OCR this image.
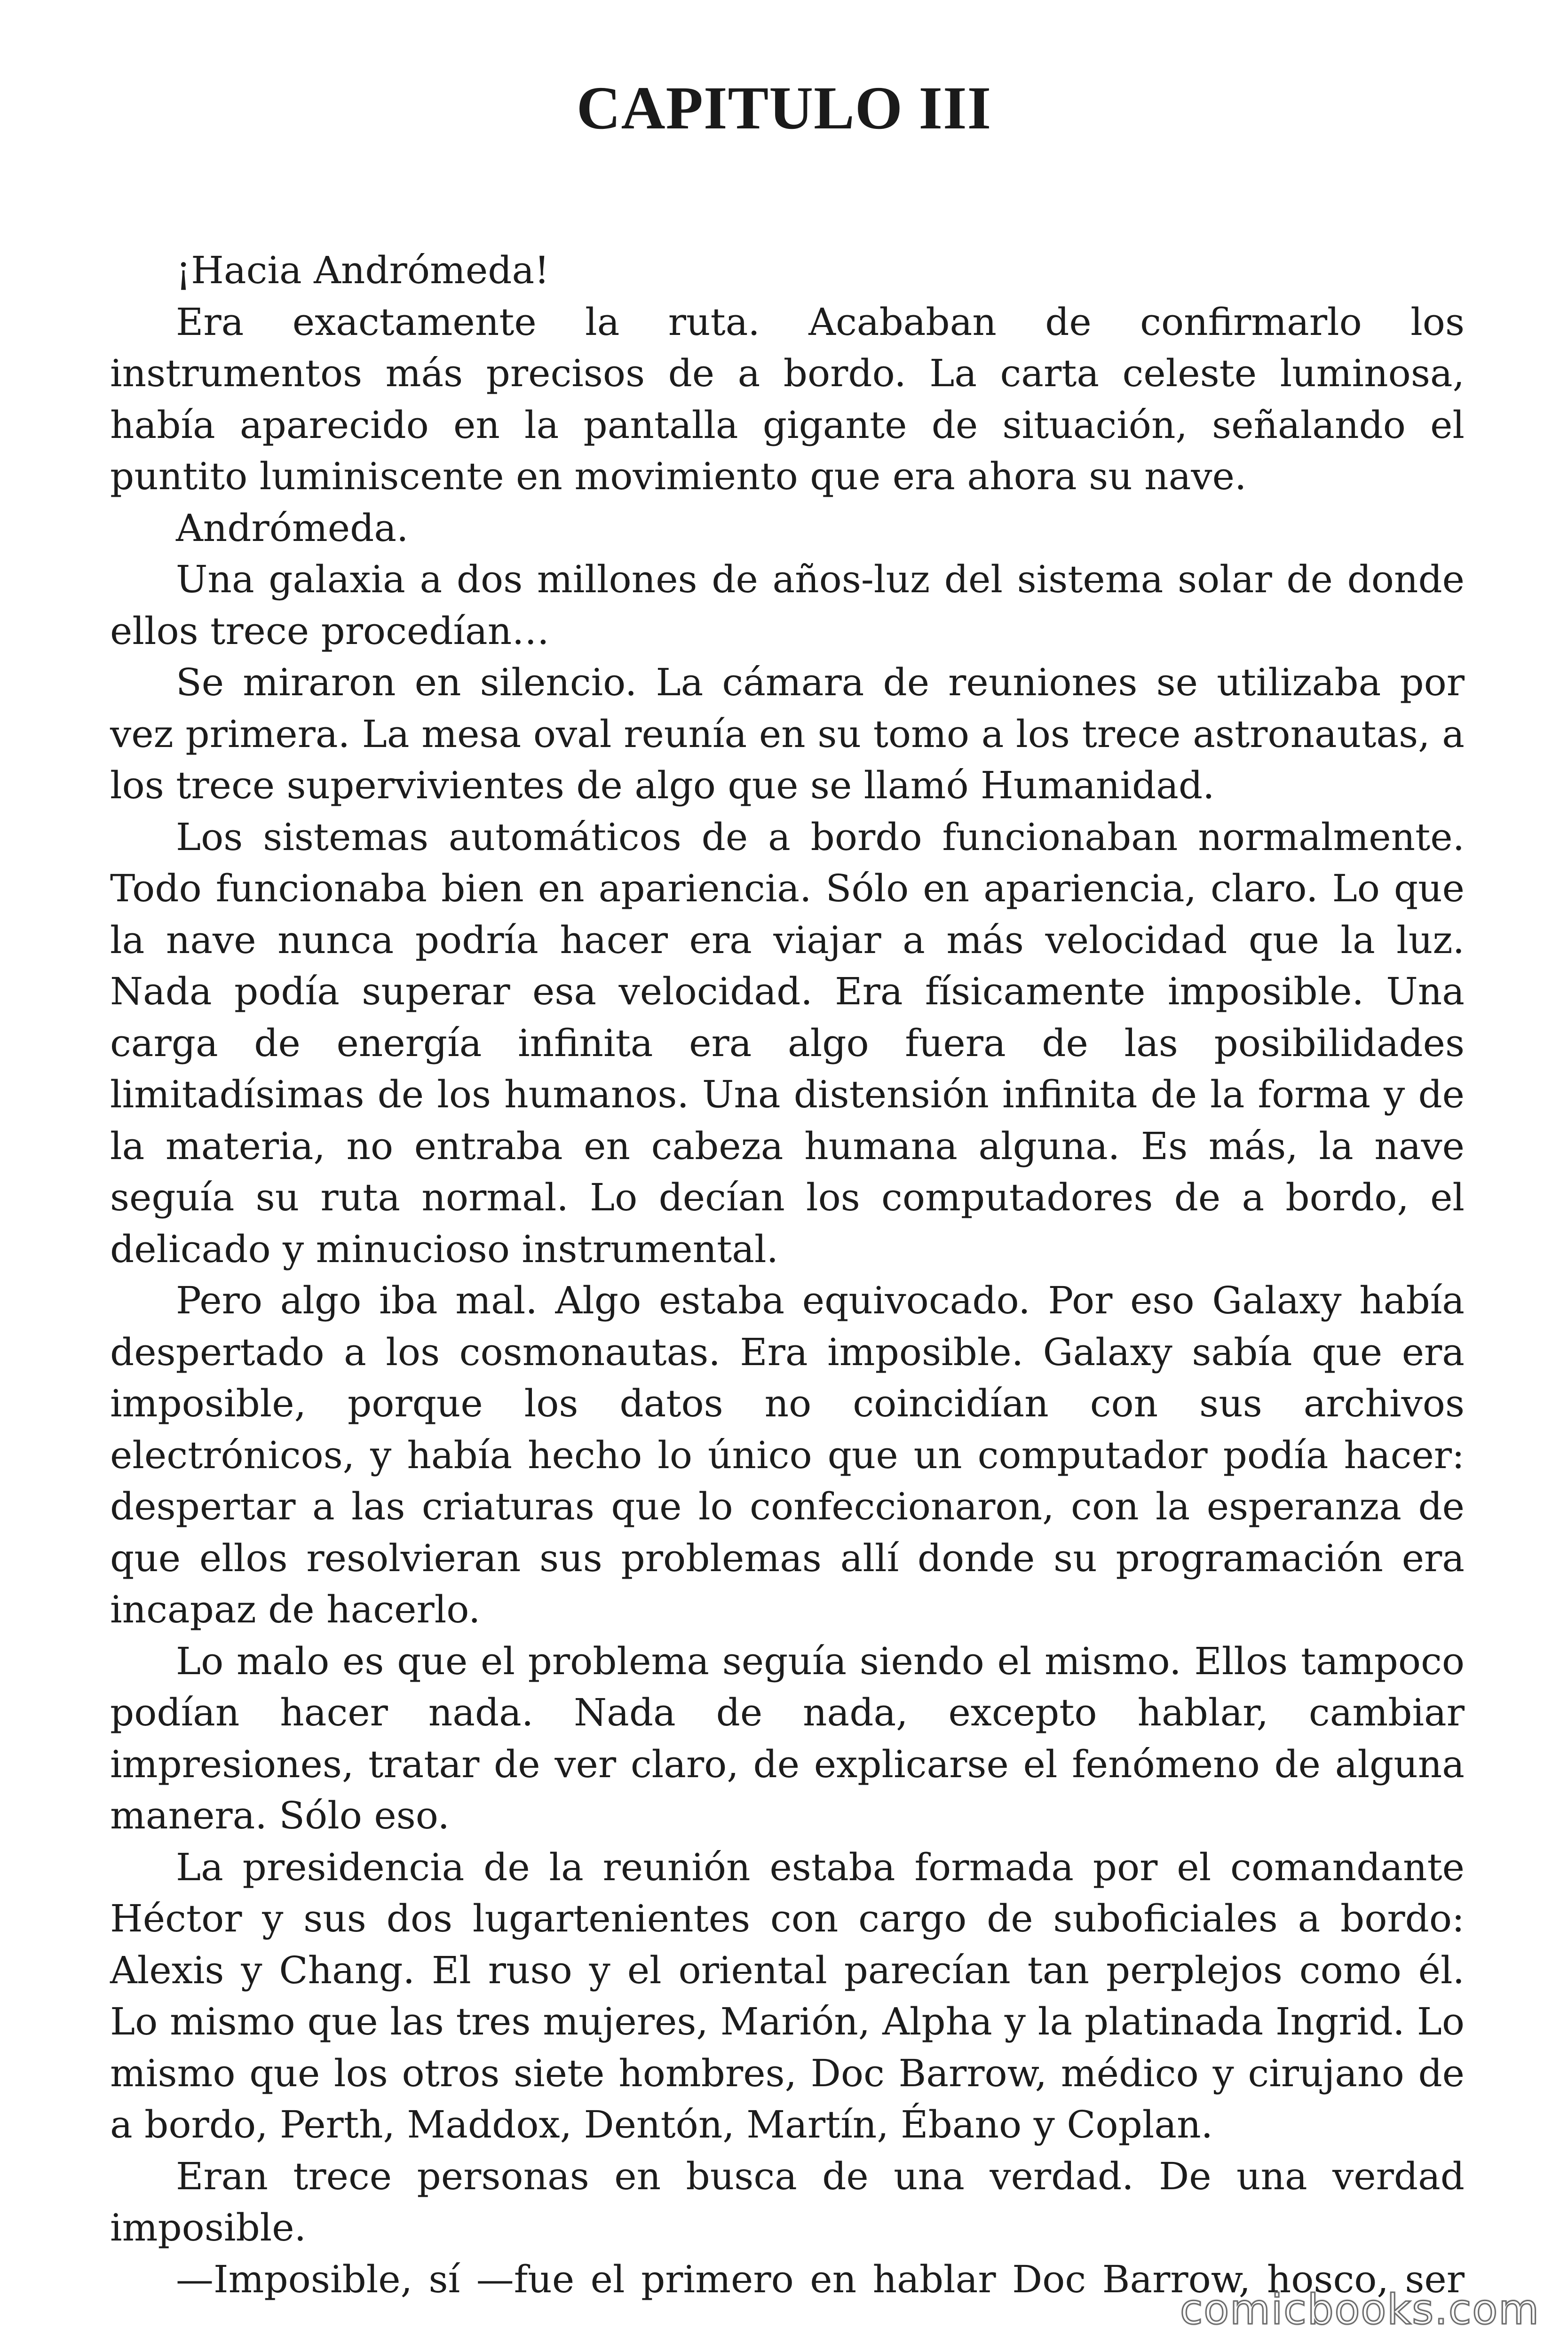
CAPITULO III

¡Hacia Andrómeda!

Era exactamente la ruta. Acababan de confirmarlo los instrumentos más precisos de a bordo. La carta celeste luminosa, había aparecido en la pantalla gigante de situación, señalando el puntito luminiscente en movimiento que era ahora su nave.

Andrómeda.

Una galaxia a dos millones de años-luz del sistema solar de donde ellos trece procedían…

Se miraron en silencio. La cámara de reuniones se utilizaba por vez primera. La mesa oval reunía en su tomo a los trece astronautas, a los trece supervivientes de algo que se llamó Humanidad.

Los sistemas automáticos de a bordo funcionaban normalmente. Todo funcionaba bien en apariencia. Sólo en apariencia, claro. Lo que la nave nunca podría hacer era viajar a más velocidad que la luz. Nada podía superar esa velocidad. Era físicamente imposible. Una carga de energía infinita era algo fuera de las posibilidades limitadísimas de los humanos. Una distensión infinita de la forma y de la materia, no entraba en cabeza humana alguna. Es más, la nave seguía su ruta normal. Lo decían los computadores de a bordo, el delicado y minucioso instrumental.

Pero algo iba mal. Algo estaba equivocado. Por eso Galaxy había despertado a los cosmonautas. Era imposible. Galaxy sabía que era imposible, porque los datos no coincidían con sus archivos electrónicos, y había hecho lo único que un computador podía hacer: despertar a las criaturas que lo confeccionaron, con la esperanza de que ellos resolvieran sus problemas allí donde su programación era incapaz de hacerlo.

Lo malo es que el problema seguía siendo el mismo. Ellos tampoco podían hacer nada. Nada de nada, excepto hablar, cambiar impresiones, tratar de ver claro, de explicarse el fenómeno de alguna manera. Sólo eso.

La presidencia de la reunión estaba formada por el comandante Héctor y sus dos lugartenientes con cargo de suboficiales a bordo: Alexis y Chang. El ruso y el oriental parecían tan perplejos como él. Lo mismo que las tres mujeres, Marión, Alpha y la platinada Ingrid. Lo mismo que los otros siete hombres, Doc Barrow, médico y cirujano de a bordo, Perth, Maddox, Dentón, Martín, Ébano y Coplan.

Eran trece personas en busca de una verdad. De una verdad imposible.

—Imposible, sí —fue el primero en hablar Doc Barrow, hosco, ser

comicbooks.com
